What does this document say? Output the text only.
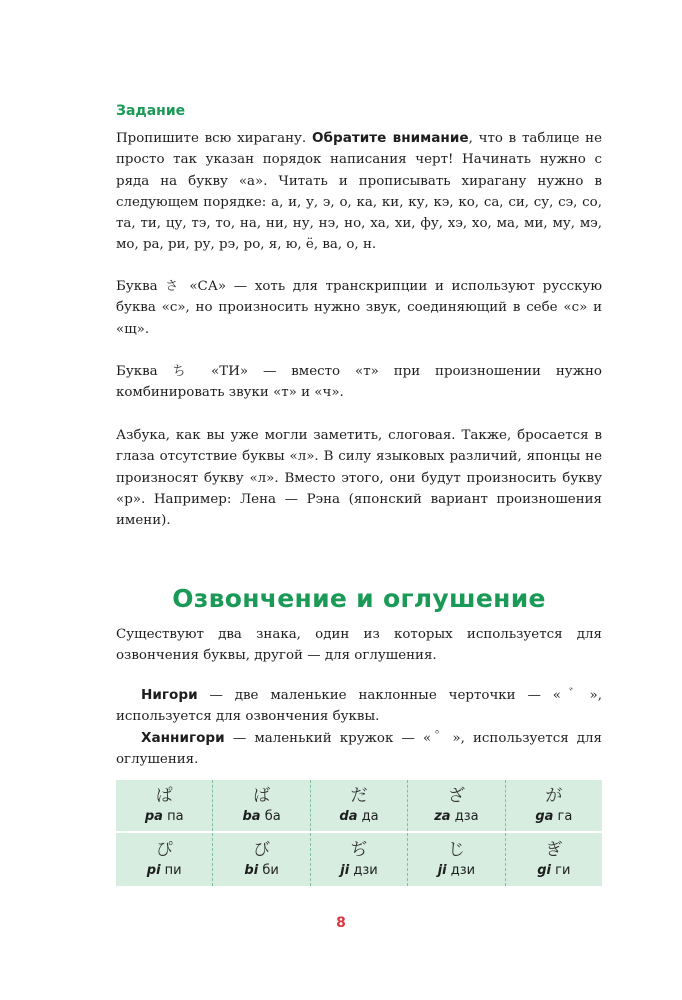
Задание

Пропишите всю хирагану. Обратите внимание, что в таблице не просто так указан порядок написания черт! Начинать нужно с ряда на букву «а». Читать и прописывать хирагану нужно в следующем порядке: а, и, у, э, о, ка, ки, ку, кэ, ко, са, си, су, сэ, со, та, ти, цу, тэ, то, на, ни, ну, нэ, но, ха, хи, фу, хэ, хо, ма, ми, му, мэ, мо, ра, ри, ру, рэ, ро, я, ю, ё, ва, о, н.

Буква さ «СА» — хоть для транскрипции и используют русскую буква «с», но произносить нужно звук, соединяющий в себе «с» и «щ».

Буква ち «ТИ» — вместо «т» при произношении нужно комбинировать звуки «т» и «ч».

Азбука, как вы уже могли заметить, слоговая. Также, бросается в глаза отсутствие буквы «л». В силу языковых различий, японцы не произносят букву «л». Вместо этого, они будут произносить букву «р». Например: Лена — Рэна (японский вариант произношения имени).

Озвончение и оглушение

Существуют два знака, один из которых используется для озвончения буквы, другой — для оглушения.

Нигори — две маленькие наклонные черточки — «゛», используется для озвончения буквы.

Ханнигори — маленький кружок — «゜», используется для оглушения.

ぱ
pa па
ば
ba ба
だ
da да
ざ
za дза
が
ga га
ぴ
pi пи
び
bi би
ぢ
ji дзи
じ
ji дзи
ぎ
gi ги
8
